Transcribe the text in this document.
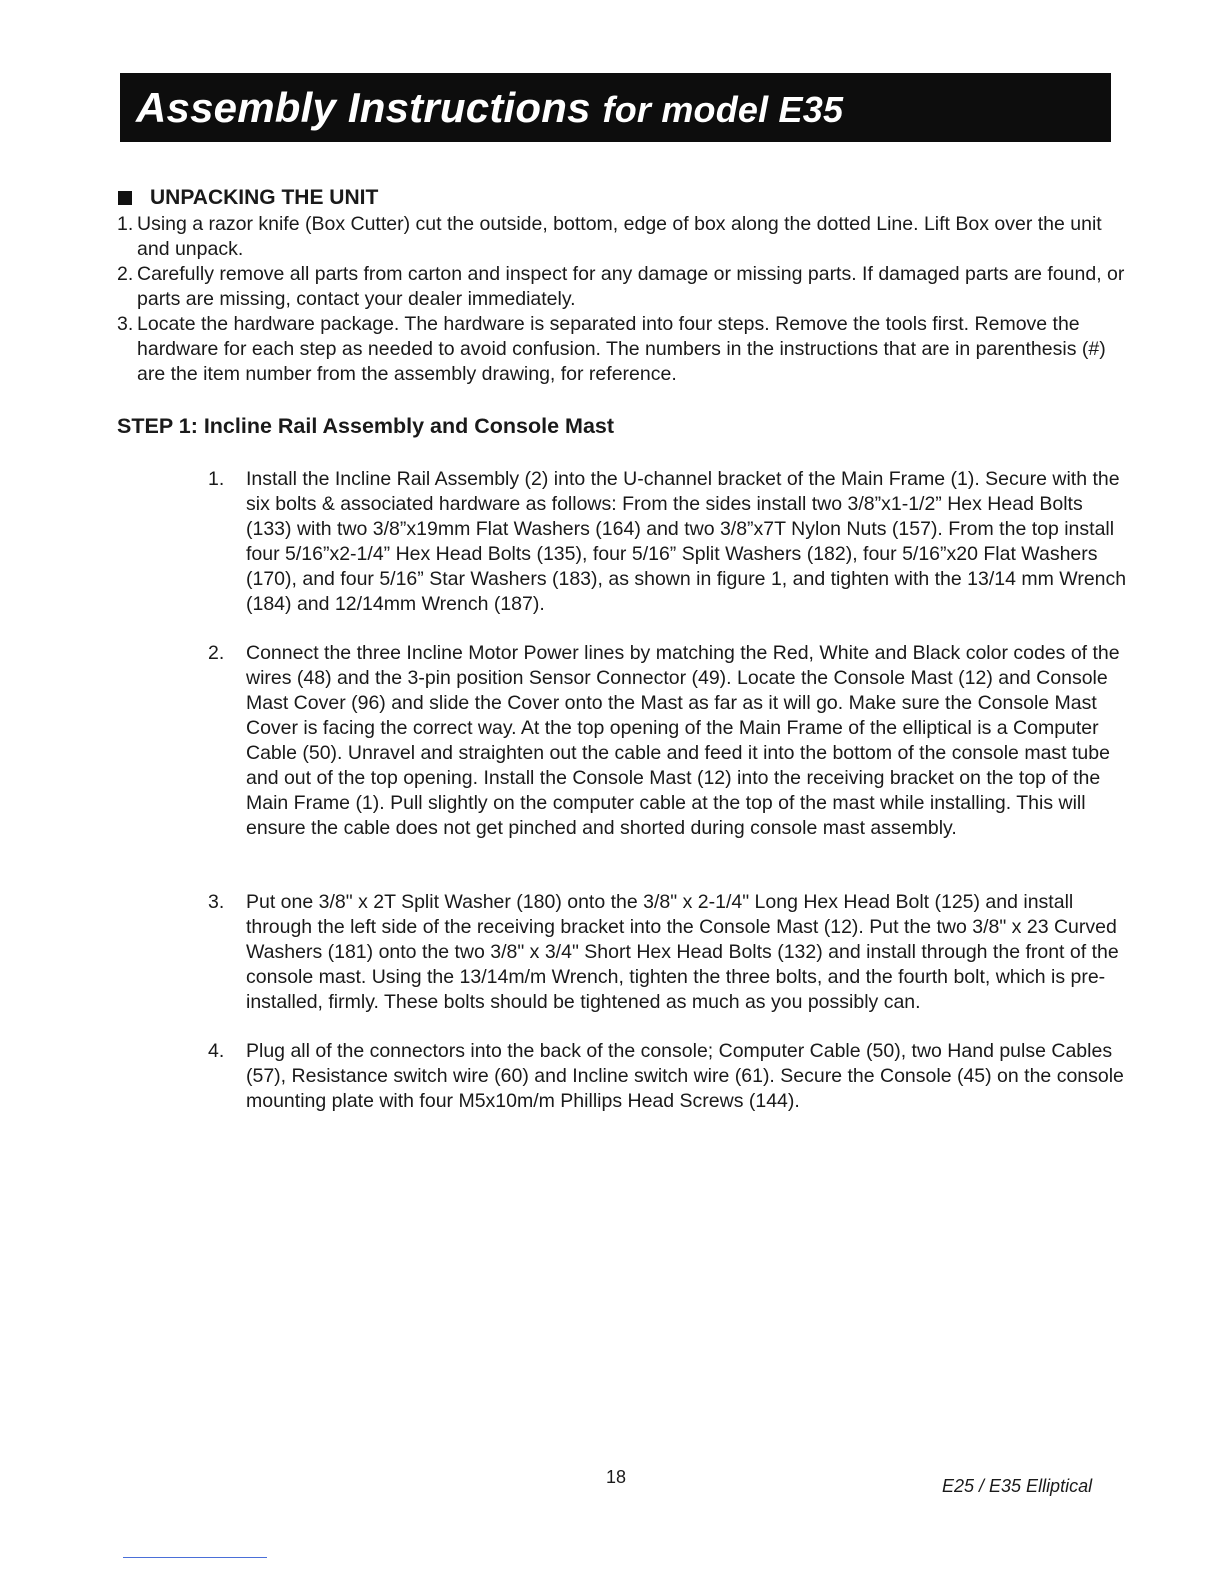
Assembly Instructions for model E35
UNPACKING THE UNIT
1. Using a razor knife (Box Cutter) cut the outside, bottom, edge of box along the dotted Line. Lift Box over the unit and unpack.
2. Carefully remove all parts from carton and inspect for any damage or missing parts. If damaged parts are found, or parts are missing, contact your dealer immediately.
3. Locate the hardware package. The hardware is separated into four steps. Remove the tools first. Remove the hardware for each step as needed to avoid confusion. The numbers in the instructions that are in parenthesis (#) are the item number from the assembly drawing, for reference.
STEP 1: Incline Rail Assembly and Console Mast
1.	Install the Incline Rail Assembly (2) into the U-channel bracket of the Main Frame (1). Secure with the six bolts & associated hardware as follows: From the sides install two 3/8”x1-1/2” Hex Head Bolts (133) with two 3/8”x19mm Flat Washers (164) and two 3/8”x7T Nylon Nuts (157). From the top install four 5/16”x2-1/4” Hex Head Bolts (135), four 5/16” Split Washers (182), four 5/16”x20 Flat Washers (170), and four 5/16” Star Washers (183), as shown in figure 1, and tighten with the 13/14 mm Wrench (184) and 12/14mm Wrench (187).
2.	Connect the three Incline Motor Power lines by matching the Red, White and Black color codes of the wires (48) and the 3-pin position Sensor Connector (49). Locate the Console Mast (12) and Console Mast Cover (96) and slide the Cover onto the Mast as far as it will go. Make sure the Console Mast Cover is facing the correct way. At the top opening of the Main Frame of the elliptical is a Computer Cable (50). Unravel and straighten out the cable and feed it into the bottom of the console mast tube and out of the top opening. Install the Console Mast (12) into the receiving bracket on the top of the Main Frame (1). Pull slightly on the computer cable at the top of the mast while installing. This will ensure the cable does not get pinched and shorted during console mast assembly.
3.	Put one 3/8" x 2T Split Washer (180) onto the 3/8" x 2-1/4" Long Hex Head Bolt (125) and install through the left side of the receiving bracket into the Console Mast (12). Put the two 3/8" x 23 Curved Washers (181) onto the two 3/8" x 3/4" Short Hex Head Bolts (132) and install through the front of the console mast. Using the 13/14m/m Wrench, tighten the three bolts, and the fourth bolt, which is pre-installed, firmly. These bolts should be tightened as much as you possibly can.
4.	Plug all of the connectors into the back of the console; Computer Cable (50), two Hand pulse Cables (57), Resistance switch wire (60) and Incline switch wire (61). Secure the Console (45) on the console mounting plate with four M5x10m/m Phillips Head Screws (144).
18	E25 / E35 Elliptical
